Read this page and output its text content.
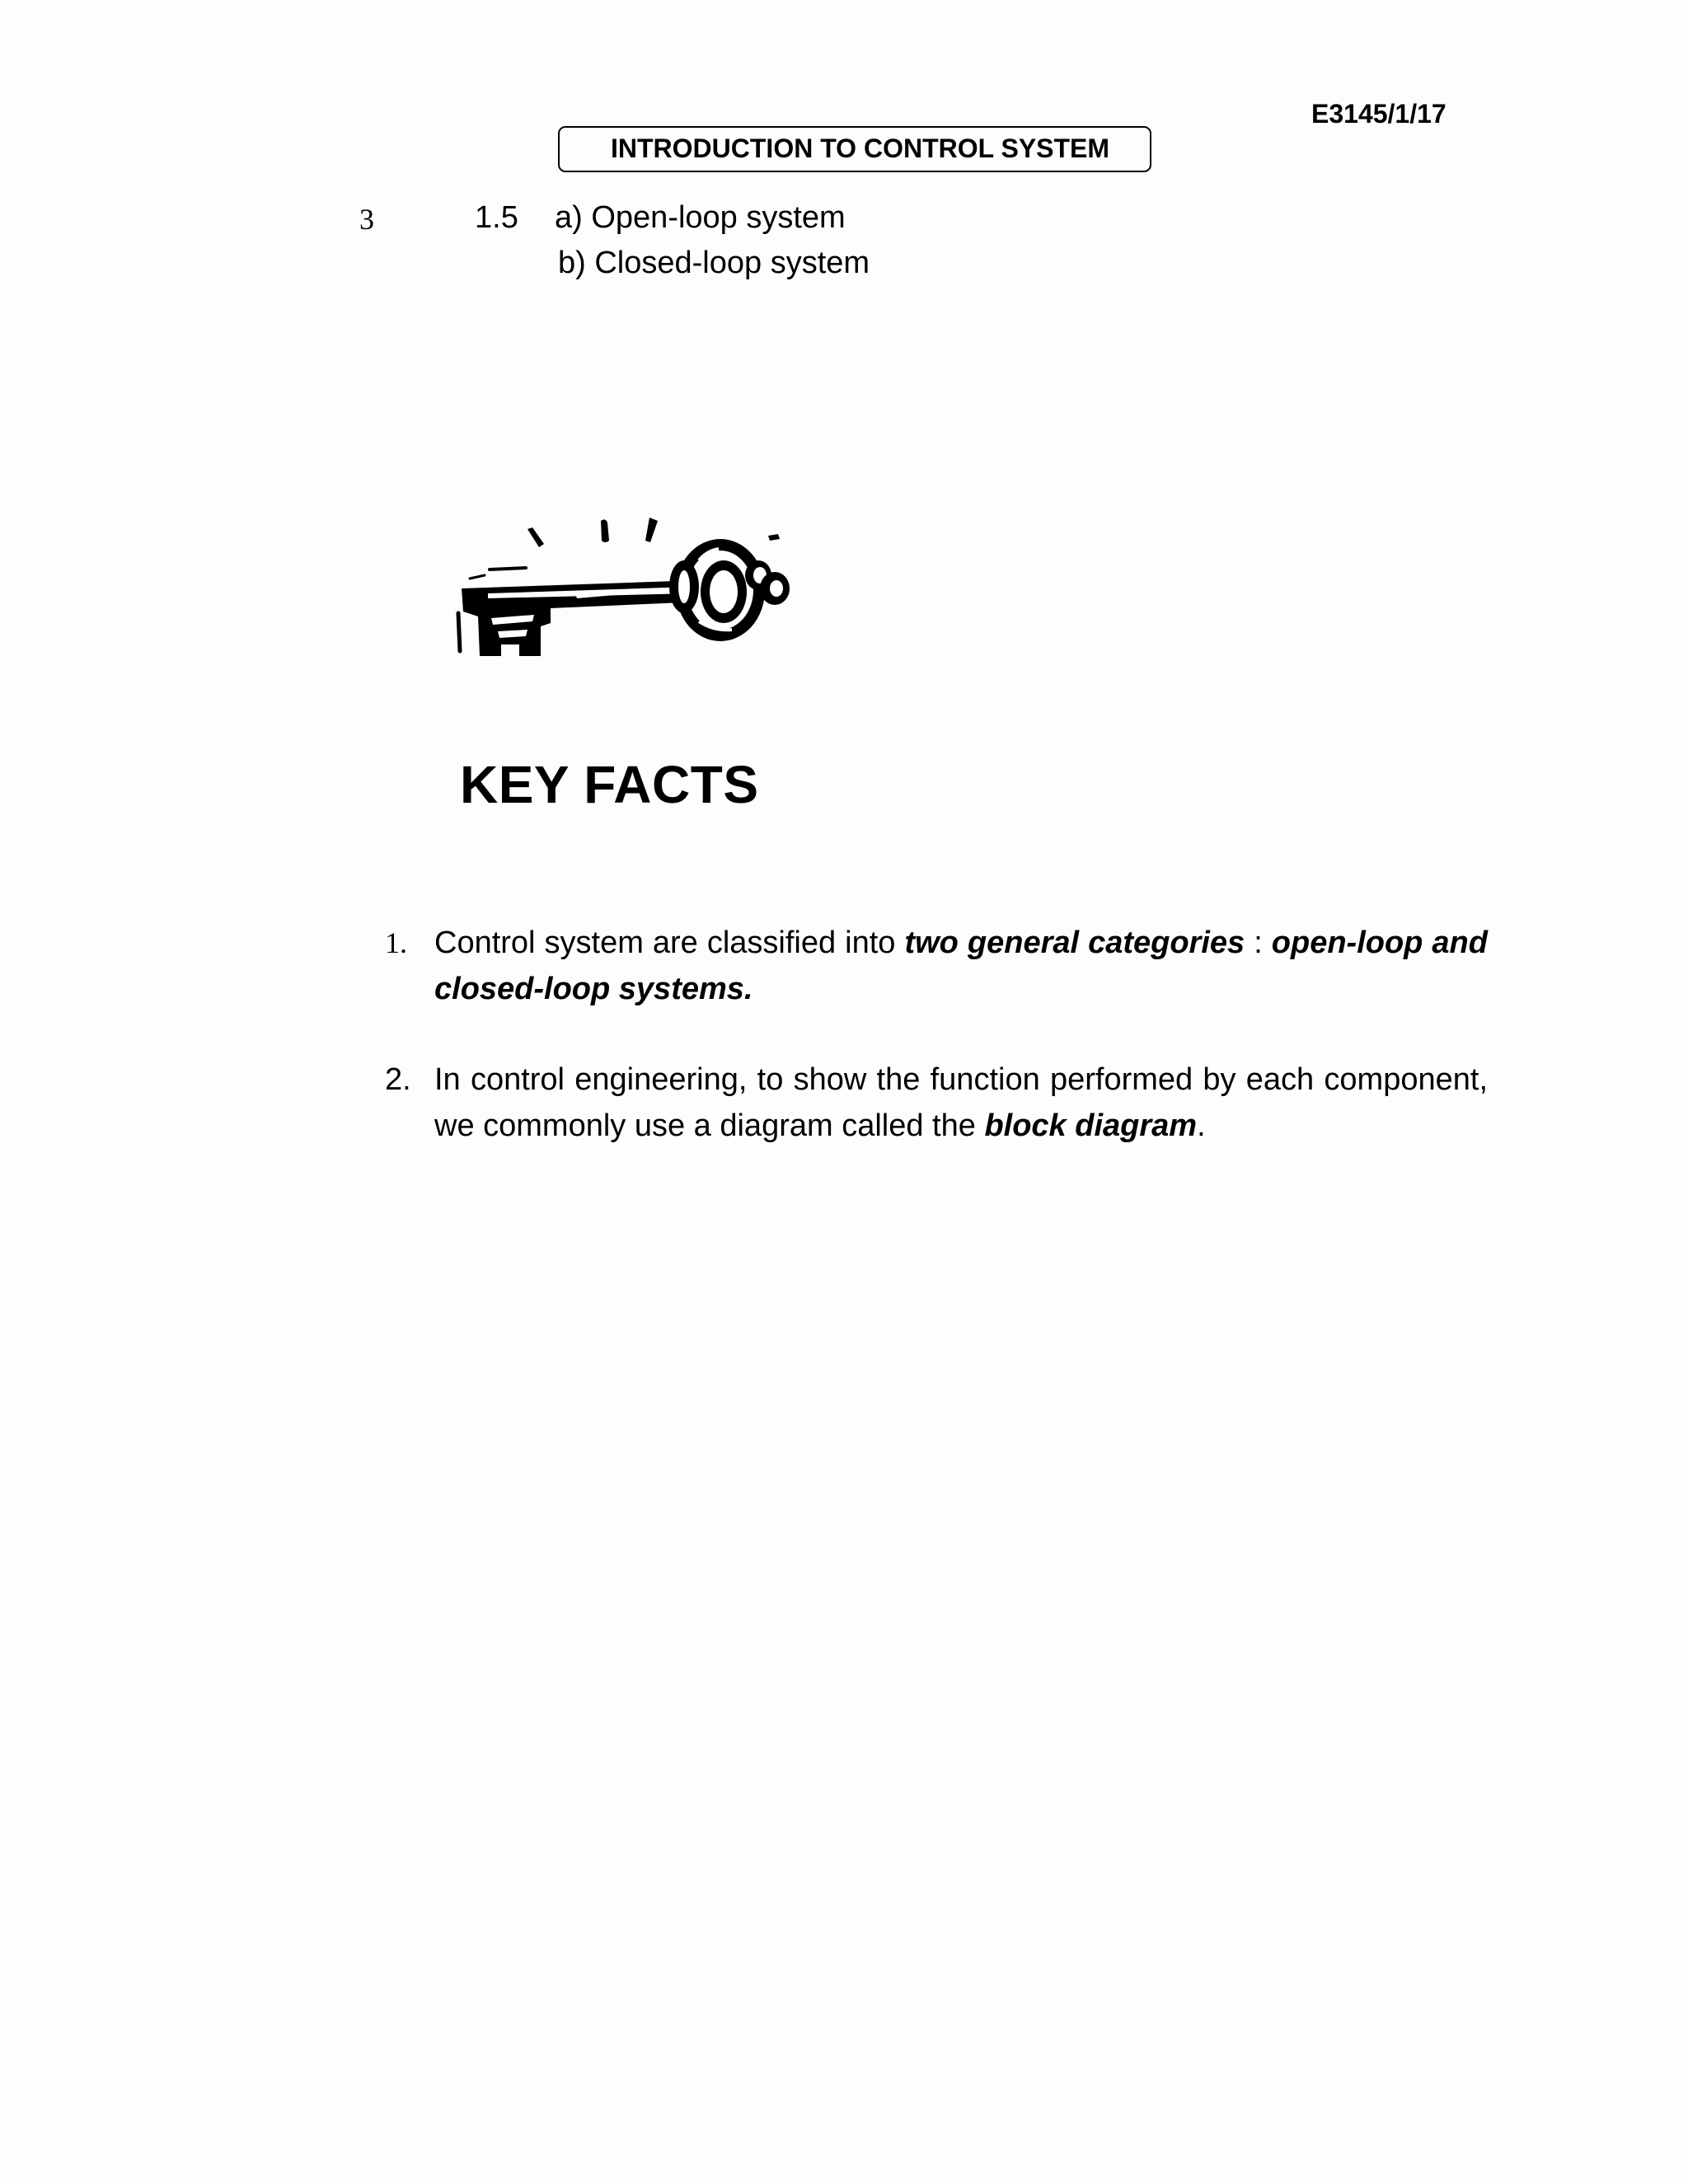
E3145/1/17
INTRODUCTION TO CONTROL SYSTEM
3	1.5 a) Open-loop system
b) Closed-loop system
KEY FACTS
1. Control system are classified into two general categories : open-loop and closed-loop systems.
2. In control engineering, to show the function performed by each component, we commonly use a diagram called the block diagram.
